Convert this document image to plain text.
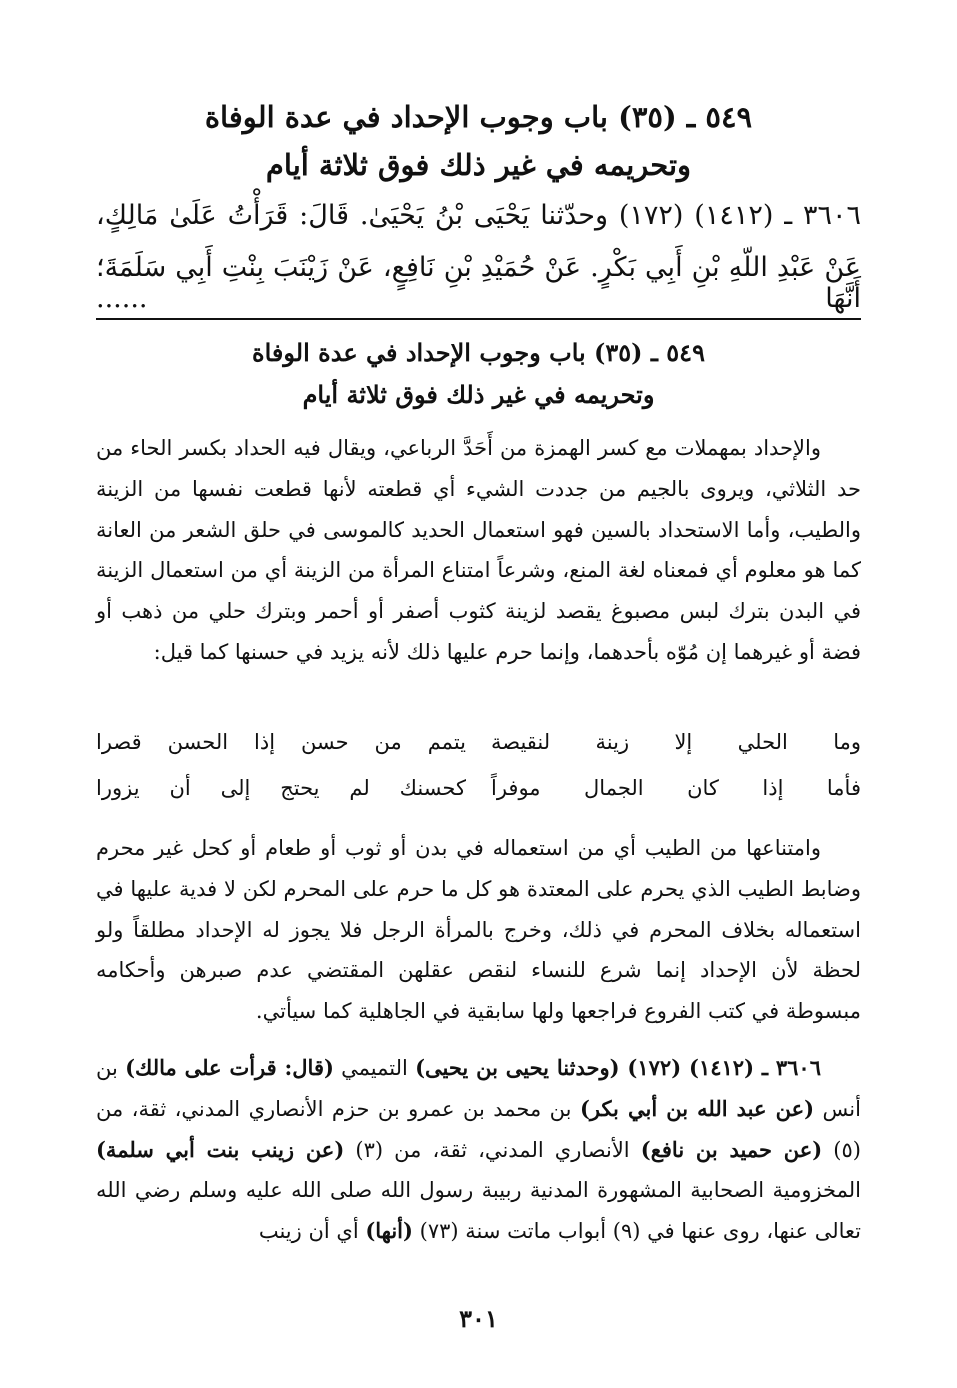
٥٤٩ ـ (٣٥) باب وجوب الإحداد في عدة الوفاة
وتحريمه في غير ذلك فوق ثلاثة أيام
٣٦٠٦ ـ (١٤١٢) (١٧٢) وحدّثنا يَحْيَى بْنُ يَحْيَىٰ. قَالَ: قَرَأْتُ عَلَىٰ مَالِكٍ،
عَنْ عَبْدِ اللّهِ بْنِ أَبِي بَكْرٍ. عَنْ حُمَيْدِ بْنِ نَافِعٍ، عَنْ زَيْنَبَ بِنْتِ أَبِي سَلَمَةَ؛ أَنَّهَا ......
٥٤٩ ـ (٣٥) باب وجوب الإحداد في عدة الوفاة
وتحريمه في غير ذلك فوق ثلاثة أيام
والإحداد بمهملات مع كسر الهمزة من أَحَدَّ الرباعي، ويقال فيه الحداد بكسر الحاء من حد الثلاثي، ويروى بالجيم من جددت الشيء أي قطعته لأنها قطعت نفسها من الزينة والطيب، وأما الاستحداد بالسين فهو استعمال الحديد كالموسى في حلق الشعر من العانة كما هو معلوم أي فمعناه لغة المنع، وشرعاً امتناع المرأة من الزينة أي من استعمال الزينة في البدن بترك لبس مصبوغ يقصد لزينة كثوب أصفر أو أحمر وبترك حلي من ذهب أو فضة أو غيرهما إن مُوّه بأحدهما، وإنما حرم عليها ذلك لأنه يزيد في حسنها كما قيل:
وما الحلي إلا زينة لنقيصة
يتمم من حسن إذا الحسن قصرا
فأما إذا كان الجمال موفراً
كحسنك لم يحتج إلى أن يزورا
وامتناعها من الطيب أي من استعماله في بدن أو ثوب أو طعام أو كحل غير محرم وضابط الطيب الذي يحرم على المعتدة هو كل ما حرم على المحرم لكن لا فدية عليها في استعماله بخلاف المحرم في ذلك، وخرج بالمرأة الرجل فلا يجوز له الإحداد مطلقاً ولو لحظة لأن الإحداد إنما شرع للنساء لنقص عقلهن المقتضي عدم صبرهن وأحكامه مبسوطة في كتب الفروع فراجعها ولها سابقية في الجاهلية كما سيأتي.
٣٦٠٦ ـ (١٤١٢) (١٧٢) (وحدثنا يحيى بن يحيى) التميمي (قال: قرأت على مالك) بن أنس (عن عبد الله بن أبي بكر) بن محمد بن عمرو بن حزم الأنصاري المدني، ثقة، من (٥) (عن حميد بن نافع) الأنصاري المدني، ثقة، من (٣) (عن زينب بنت أبي سلمة) المخزومية الصحابية المشهورة المدنية ربيبة رسول الله صلى الله عليه وسلم رضي الله تعالى عنها، روى عنها في (٩) أبواب ماتت سنة (٧٣) (أنها) أي أن زينب
٣٠١
